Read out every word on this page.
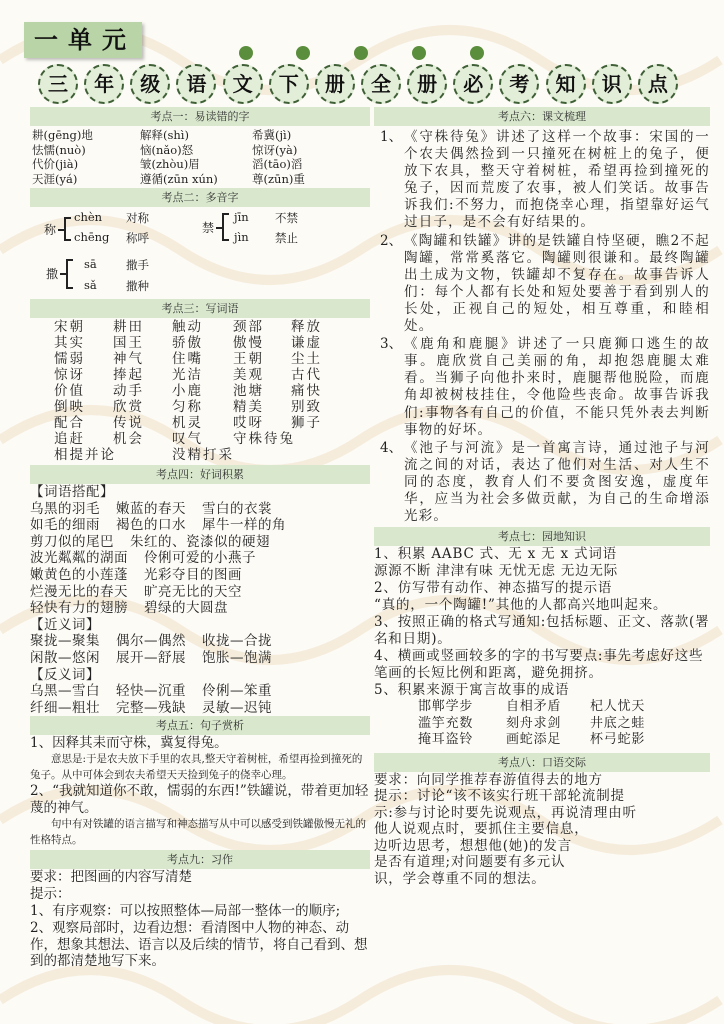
一单元
三	年	级	语	文	下	册	全	册	必	考	知	识	点
考点一：易读错的字
耕(gēng)地	解释(shì)	希冀(jì)
怯懦(nuò)	恼(nǎo)怒	惊讶(yà)
代价(jià)	皱(zhòu)眉	滔(tāo)滔
天涯(yá)	遵循(zūn xún)	尊(zūn)重
考点二：多音字
称
chèn 对称
chēng 称呼
禁
jīn 不禁
jìn 禁止
撒
sā	撒手
sǎ	撒种
考点三：写词语
宋朝	耕田	触动	颈部	释放
其实	国王	骄傲	傲慢	谦虚
懦弱	神气	住嘴	王朝	尘土
惊讶	捧起	光洁	美观	古代
价值	动手	小鹿	池塘	痛快
倒映	欣赏	匀称	精美	别致
配合	传说	机灵	哎呀	狮子
追赶	机会	叹气	守株待兔
相提并论	没精打采
考点四：好词积累
【词语搭配】
乌黑的羽毛 嫩蓝的春天 雪白的衣裳
如毛的细雨 褐色的口水 犀牛一样的角
剪刀似的尾巴 朱红的、瓷漆似的硬翅
波光粼粼的湖面 伶俐可爱的小燕子
嫩黄色的小莲蓬 光彩夺目的图画
烂漫无比的春天 旷亮无比的天空
轻快有力的翅膀 碧绿的大圆盘
【近义词】
聚拢—聚集 偶尔—偶然 收拢—合拢
闲散—悠闲 展开—舒展 饱胀—饱满
【反义词】
乌黑—雪白 轻快—沉重 伶俐—笨重
纤细—粗壮 完整—残缺 灵敏—迟钝
考点五：句子赏析
1、因释其耒而守株，冀复得兔。
意思是:于是农夫放下手里的农具,整天守着树桩，希望再捡到撞死的兔子。从中可体会到农夫希望天天捡到兔子的侥幸心理。
2、“我就知道你不敢，懦弱的东西!”铁罐说，带着更加轻蔑的神气。
句中有对铁罐的语言描写和神态描写从中可以感受到铁罐傲慢无礼的性格特点。
考点九：习作
要求：把图画的内容写清楚
提示：
1、有序观察：可以按照整体—局部一整体一的顺序;
2、观察局部时，边看边想：看清图中人物的神态、动作，想象其想法、语言以及后续的情节，将自己看到、想到的都清楚地写下来。
考点六：课文梳理
1、 《守株待兔》讲述了这样一个故事：宋国的一个农夫偶然捡到一只撞死在树桩上的兔子，便放下农具，整天守着树桩，希望再捡到撞死的兔子，因而荒废了农事，被人们笑话。故事告诉我们:不努力，而抱侥幸心理，指望靠好运气过日子，是不会有好结果的。
2、 《陶罐和铁罐》讲的是铁罐自恃坚硬，瞧2不起陶罐，常常奚落它。陶罐则很谦和。最终陶罐出土成为文物，铁罐却不复存在。故事告诉人们：每个人都有长处和短处要善于看到别人的长处，正视自己的短处，相互尊重，和睦相处。
3、 《鹿角和鹿腿》讲述了一只鹿狮口逃生的故事。鹿欣赏自己美丽的角，却抱怨鹿腿太难看。当狮子向他扑来时，鹿腿帮他脱险，而鹿角却被树枝挂住，令他险些丧命。故事告诉我们:事物各有自己的价值，不能只凭外表去判断事物的好坏。
4、 《池子与河流》是一首寓言诗，通过池子与河流之间的对话，表达了他们对生活、对人生不同的态度，教育人们不要贪图安逸，虚度年华，应当为社会多做贡献，为自己的生命增添光彩。
考点七：园地知识
1、积累 AABC 式、无 x 无 x 式词语
源源不断 津津有味 无忧无虑 无边无际
2、仿写带有动作、神态描写的提示语
“真的，一个陶罐!”其他的人都高兴地叫起来。
3、按照正确的格式写通知:包括标题、正文、落款(署名和日期)。
4、横画或竖画较多的字的书写要点:事先考虑好这些笔画的长短比例和距离，避免拥挤。
5、积累来源于寓言故事的成语
邯郸学步	自相矛盾	杞人忧天
滥竽充数	刻舟求剑	井底之蛙
掩耳盗铃	画蛇添足	杯弓蛇影
考点八：口语交际
要求：向同学推荐春游值得去的地方
提示：讨论“该不该实行班干部轮流制提
示:参与讨论时要先说观点，再说清理由听
他人说观点时，要抓住主要信息，
边听边思考，想想他(她)的发言
是否有道理;对问题要有多元认
识，学会尊重不同的想法。
